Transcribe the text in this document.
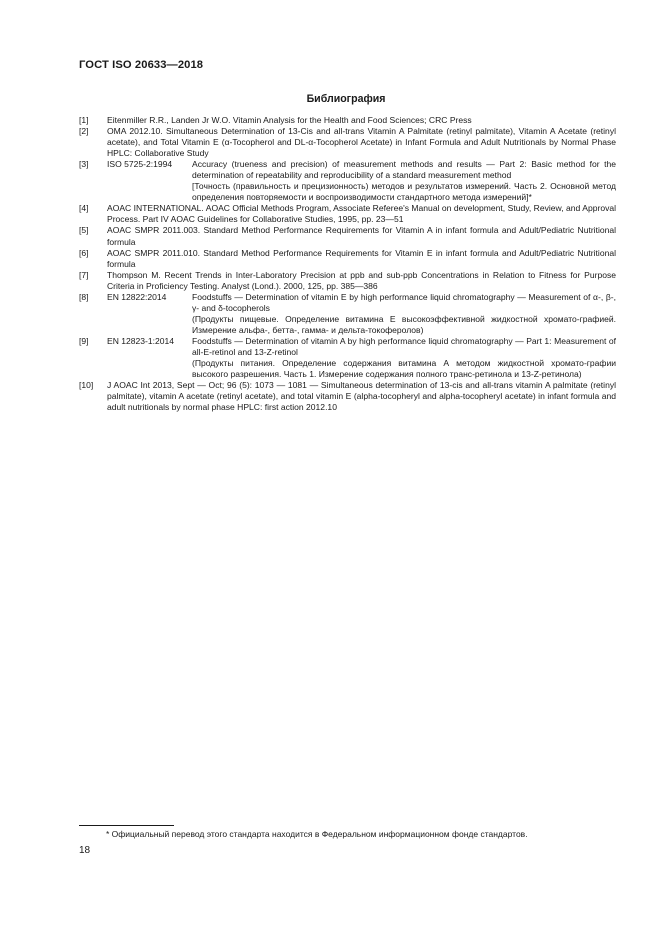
ГОСТ ISO 20633—2018
Библиография
[1] Eitenmiller R.R., Landen Jr W.O. Vitamin Analysis for the Health and Food Sciences; CRC Press
[2] OMA 2012.10. Simultaneous Determination of 13-Cis and all-trans Vitamin A Palmitate (retinyl palmitate), Vitamin A Acetate (retinyl acetate), and Total Vitamin E (α-Tocopherol and DL-α-Tocopherol Acetate) in Infant Formula and Adult Nutritionals by Normal Phase HPLC: Collaborative Study
[3] ISO 5725-2:1994	Accuracy (trueness and precision) of measurement methods and results — Part 2: Basic method for the determination of repeatability and reproducibility of a standard measurement method
[Точность (правильность и прецизионность) методов и результатов измерений. Часть 2. Основной метод определения повторяемости и воспроизводимости стандартного метода измерений]*
[4] AOAC INTERNATIONAL. AOAC Official Methods Program, Associate Referee's Manual on development, Study, Review, and Approval Process. Part IV AOAC Guidelines for Collaborative Studies, 1995, pp. 23—51
[5] AOAC SMPR 2011.003. Standard Method Performance Requirements for Vitamin A in infant formula and Adult/Pediatric Nutritional formula
[6] AOAC SMPR 2011.010. Standard Method Performance Requirements for Vitamin E in infant formula and Adult/Pediatric Nutritional formula
[7] Thompson M. Recent Trends in Inter-Laboratory Precision at ppb and sub-ppb Concentrations in Relation to Fitness for Purpose Criteria in Proficiency Testing. Analyst (Lond.). 2000, 125, pp. 385—386
[8] EN 12822:2014	Foodstuffs — Determination of vitamin E by high performance liquid chromatography — Measurement of α-, β-, γ- and δ-tocopherols
(Продукты пищевые. Определение витамина Е высокоэффективной жидкостной хромато-графией. Измерение альфа-, бетта-, гамма- и дельта-токоферолов)
[9] EN 12823-1:2014	Foodstuffs — Determination of vitamin A by high performance liquid chromatography — Part 1: Measurement of all-E-retinol and 13-Z-retinol
(Продукты питания. Определение содержания витамина А методом жидкостной хромато-графии высокого разрешения. Часть 1. Измерение содержания полного транс-ретинола и 13-Z-ретинола)
[10] J AOAC Int 2013, Sept — Oct; 96 (5): 1073 — 1081 — Simultaneous determination of 13-cis and all-trans vitamin A palmitate (retinyl palmitate), vitamin A acetate (retinyl acetate), and total vitamin E (alpha-tocopheryl and alpha-tocopheryl acetate) in infant formula and adult nutritionals by normal phase HPLC: first action 2012.10
* Официальный перевод этого стандарта находится в Федеральном информационном фонде стандартов.
18
